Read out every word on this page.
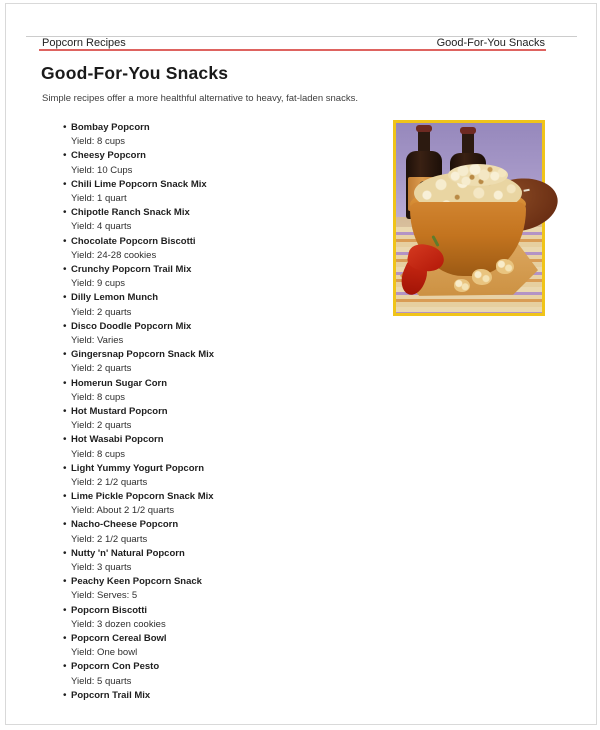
Popcorn Recipes	Good-For-You Snacks
Good-For-You Snacks
Simple recipes offer a more healthful alternative to heavy, fat-laden snacks.
• Bombay Popcorn
Yield: 8 cups
• Cheesy Popcorn
Yield: 10 Cups
• Chili Lime Popcorn Snack Mix
Yield: 1 quart
• Chipotle Ranch Snack Mix
Yield: 4 quarts
• Chocolate Popcorn Biscotti
Yield: 24-28 cookies
• Crunchy Popcorn Trail Mix
Yield: 9 cups
• Dilly Lemon Munch
Yield: 2 quarts
• Disco Doodle Popcorn Mix
Yield: Varies
• Gingersnap Popcorn Snack Mix
Yield: 2 quarts
• Homerun Sugar Corn
Yield: 8 cups
• Hot Mustard Popcorn
Yield: 2 quarts
• Hot Wasabi Popcorn
Yield: 8 cups
• Light Yummy Yogurt Popcorn
Yield: 2 1/2 quarts
• Lime Pickle Popcorn Snack Mix
Yield: About 2 1/2 quarts
• Nacho-Cheese Popcorn
Yield: 2 1/2 quarts
• Nutty 'n' Natural Popcorn
Yield: 3 quarts
• Peachy Keen Popcorn Snack
Yield: Serves: 5
• Popcorn Biscotti
Yield: 3 dozen cookies
• Popcorn Cereal Bowl
Yield: One bowl
• Popcorn Con Pesto
Yield: 5 quarts
• Popcorn Trail Mix
